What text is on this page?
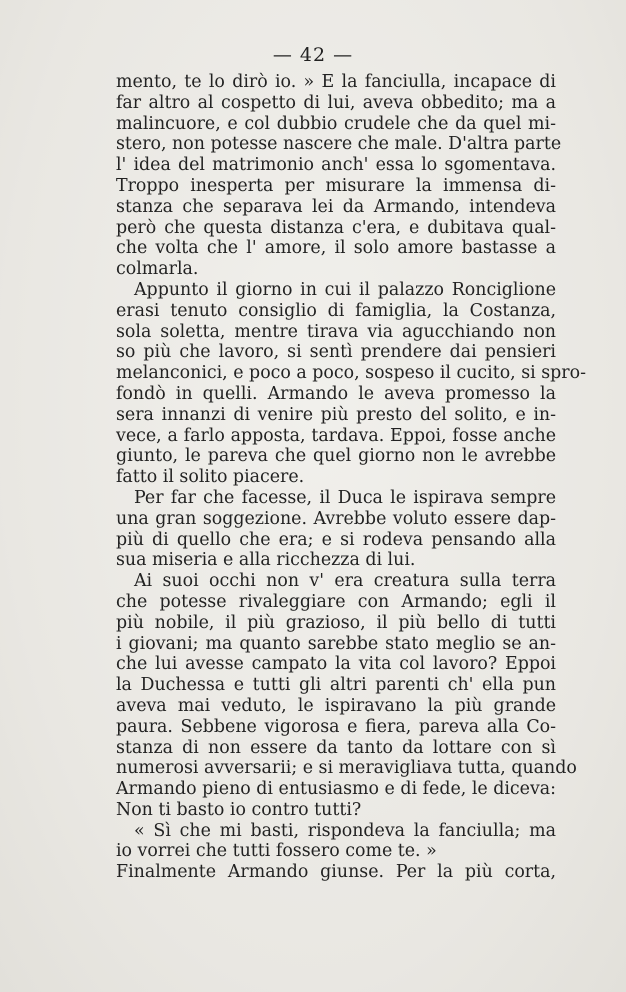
— 42 —
mento, te lo dirò io. » E la fanciulla, incapace di
far altro al cospetto di lui, aveva obbedito; ma a
malincuore, e col dubbio crudele che da quel mi-
stero, non potesse nascere che male. D'altra parte
l' idea del matrimonio anch' essa lo sgomentava.
Troppo inesperta per misurare la immensa di-
stanza che separava lei da Armando, intendeva
però che questa distanza c'era, e dubitava qual-
che volta che l' amore, il solo amore bastasse a
colmarla.
Appunto il giorno in cui il palazzo Ronciglione
erasi tenuto consiglio di famiglia, la Costanza,
sola soletta, mentre tirava via agucchiando non
so più che lavoro, si sentì prendere dai pensieri
melanconici, e poco a poco, sospeso il cucito, si spro-
fondò in quelli. Armando le aveva promesso la
sera innanzi di venire più presto del solito, e in-
vece, a farlo apposta, tardava. Eppoi, fosse anche
giunto, le pareva che quel giorno non le avrebbe
fatto il solito piacere.
Per far che facesse, il Duca le ispirava sempre
una gran soggezione. Avrebbe voluto essere dap-
più di quello che era; e si rodeva pensando alla
sua miseria e alla ricchezza di lui.
Ai suoi occhi non v' era creatura sulla terra
che potesse rivaleggiare con Armando; egli il
più nobile, il più grazioso, il più bello di tutti
i giovani; ma quanto sarebbe stato meglio se an-
che lui avesse campato la vita col lavoro? Eppoi
la Duchessa e tutti gli altri parenti ch' ella pun
aveva mai veduto, le ispiravano la più grande
paura. Sebbene vigorosa e fiera, pareva alla Co-
stanza di non essere da tanto da lottare con sì
numerosi avversarii; e si meravigliava tutta, quando
Armando pieno di entusiasmo e di fede, le diceva:
Non ti basto io contro tutti?
« Sì che mi basti, rispondeva la fanciulla; ma
io vorrei che tutti fossero come te. »
Finalmente Armando giunse. Per la più corta,
